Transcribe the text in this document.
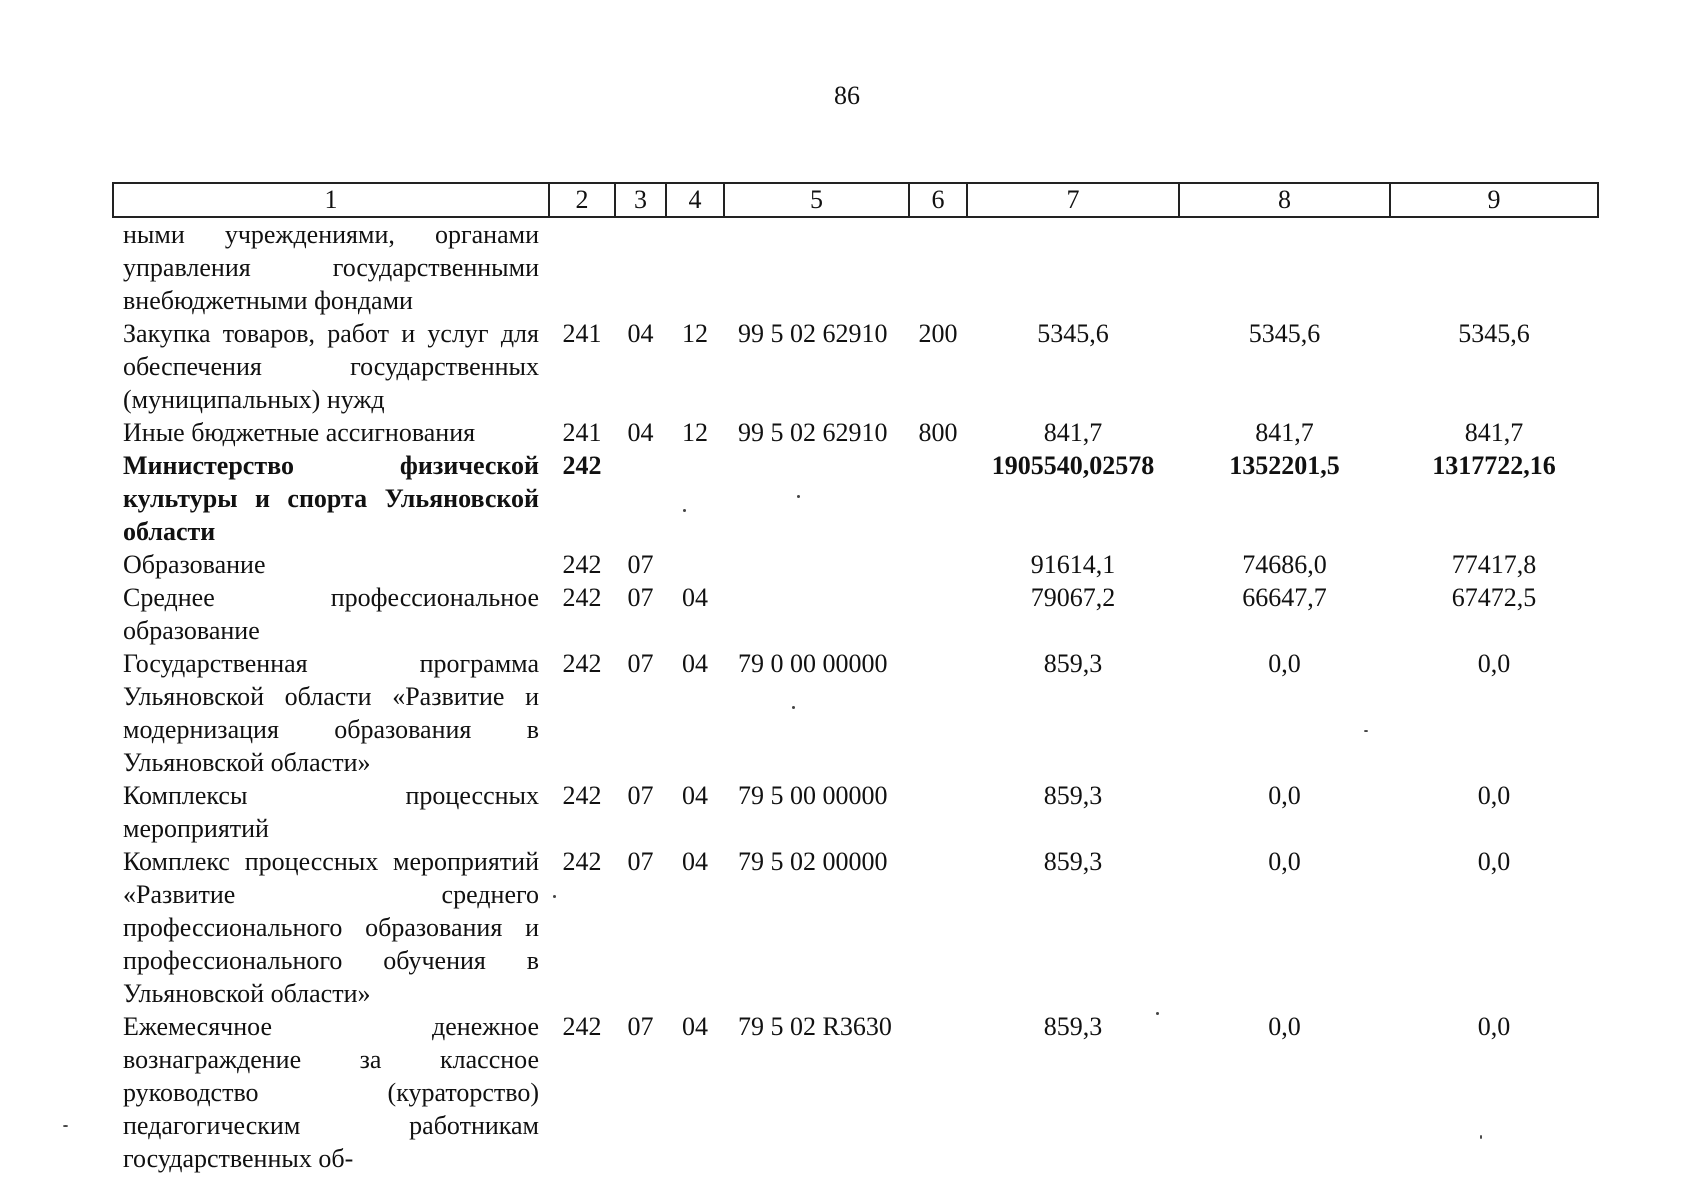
86
1	2	3	4	5	6	7	8	9
ными учреждениями, органами управления государственными внебюджетными фондами								
Закупка товаров, работ и услуг для обеспечения государственных (муниципальных) нужд	241	04	12	99 5 02 62910	200	5345,6	5345,6	5345,6
Иные бюджетные ассигнования	241	04	12	99 5 02 62910	800	841,7	841,7	841,7
Министерство физической культуры и спорта Ульяновской области	242					1905540,02578	1352201,5	1317722,16
Образование	242	07				91614,1	74686,0	77417,8
Среднее профессиональное образование	242	07	04			79067,2	66647,7	67472,5
Государственная программа Ульяновской области «Развитие и модернизация образования в Ульяновской области»	242	07	04	79 0 00 00000		859,3	0,0	0,0
Комплексы процессных мероприятий	242	07	04	79 5 00 00000		859,3	0,0	0,0
Комплекс процессных мероприятий «Развитие среднего профессионального образования и профессионального обучения в Ульяновской области»	242	07	04	79 5 02 00000		859,3	0,0	0,0
Ежемесячное денежное вознаграждение за классное руководство (кураторство) педагогическим работникам государственных об-	242	07	04	79 5 02 R3630		859,3	0,0	0,0
